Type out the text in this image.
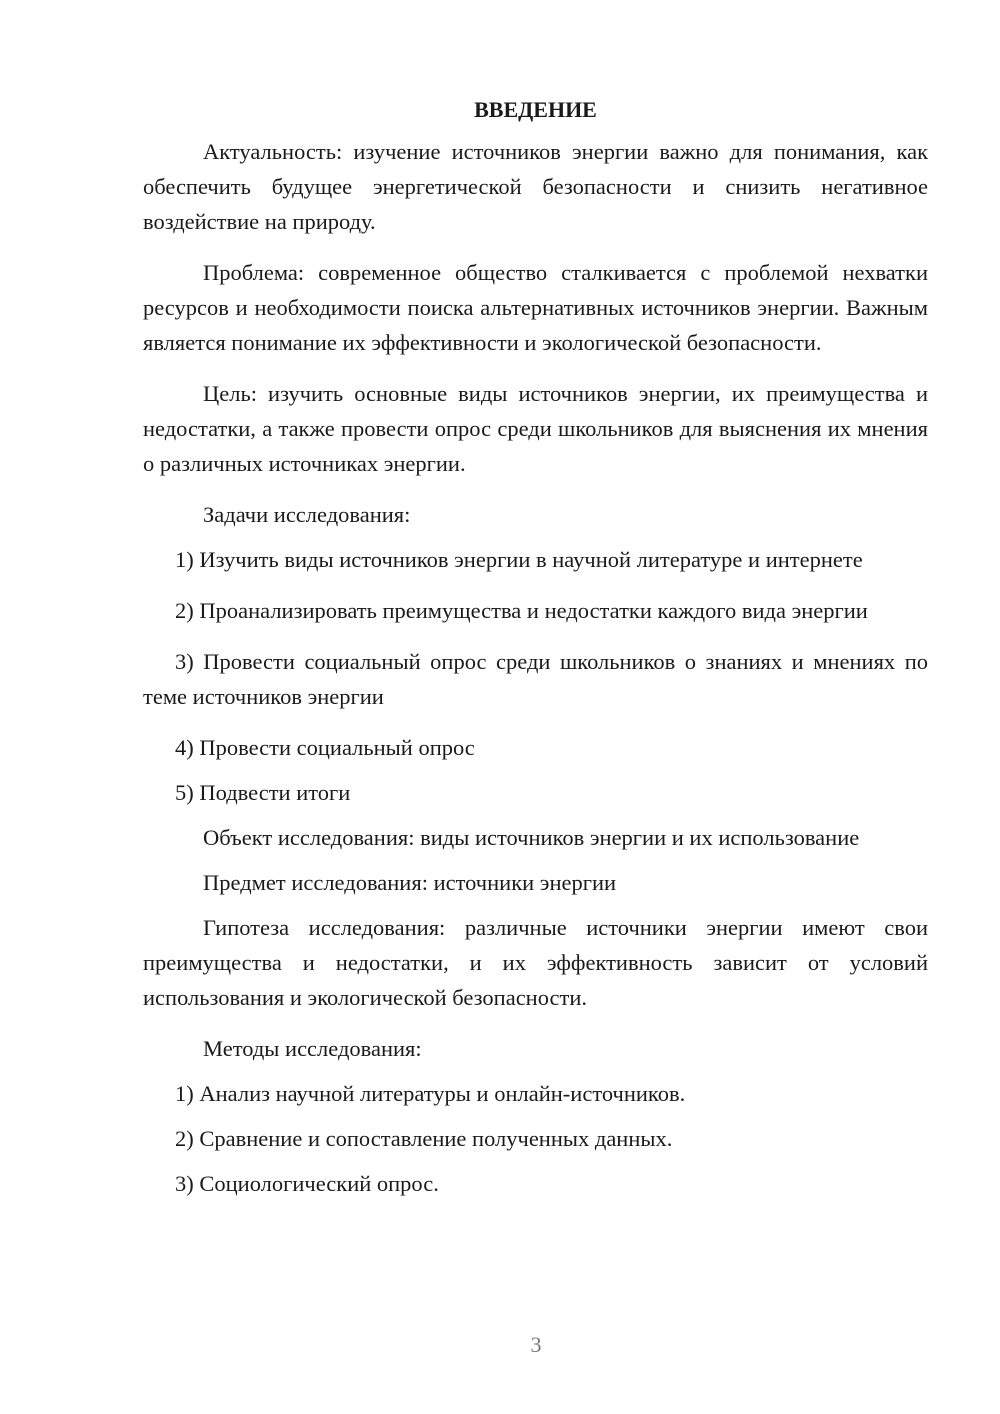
ВВЕДЕНИЕ

Актуальность: изучение источников энергии важно для понимания, как обеспечить будущее энергетической безопасности и снизить негативное воздействие на природу.

Проблема: современное общество сталкивается с проблемой нехватки ресурсов и необходимости поиска альтернативных источников энергии. Важным является понимание их эффективности и экологической безопасности.

Цель: изучить основные виды источников энергии, их преимущества и недостатки, а также провести опрос среди школьников для выяснения их мнения о различных источниках энергии.

Задачи исследования:

1) Изучить виды источников энергии в научной литературе и интернете

2) Проанализировать преимущества и недостатки каждого вида энергии

3) Провести социальный опрос среди школьников о знаниях и мнениях по теме источников энергии

4) Провести социальный опрос

5) Подвести итоги

Объект исследования: виды источников энергии и их использование

Предмет исследования: источники энергии

Гипотеза исследования: различные источники энергии имеют свои преимущества и недостатки, и их эффективность зависит от условий использования и экологической безопасности.

Методы исследования:

1) Анализ научной литературы и онлайн-источников.

2) Сравнение и сопоставление полученных данных.

3) Социологический опрос.

3
